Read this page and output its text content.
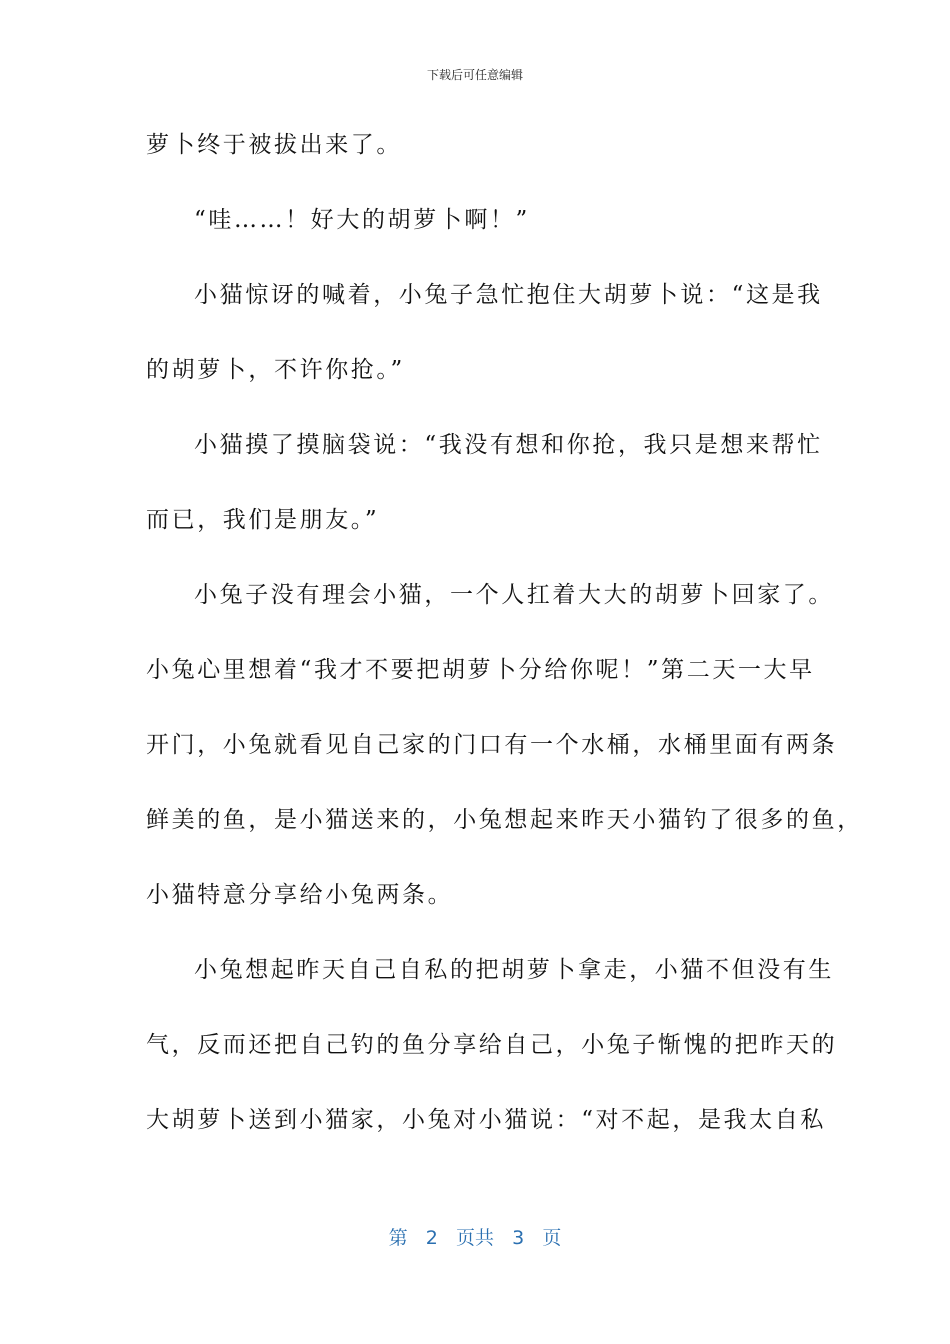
下载后可任意编辑
萝卜终于被拔出来了。
“哇……！好大的胡萝卜啊！”
小猫惊讶的喊着，小兔子急忙抱住大胡萝卜说：“这是我
的胡萝卜，不许你抢。”
小猫摸了摸脑袋说：“我没有想和你抢，我只是想来帮忙
而已，我们是朋友。”
小兔子没有理会小猫，一个人扛着大大的胡萝卜回家了。
小兔心里想着“我才不要把胡萝卜分给你呢！”第二天一大早
开门，小兔就看见自己家的门口有一个水桶，水桶里面有两条
鲜美的鱼，是小猫送来的，小兔想起来昨天小猫钓了很多的鱼，
小猫特意分享给小兔两条。
小兔想起昨天自己自私的把胡萝卜拿走，小猫不但没有生
气，反而还把自己钓的鱼分享给自己，小兔子惭愧的把昨天的
大胡萝卜送到小猫家，小兔对小猫说：“对不起，是我太自私
第 2 页共 3 页
